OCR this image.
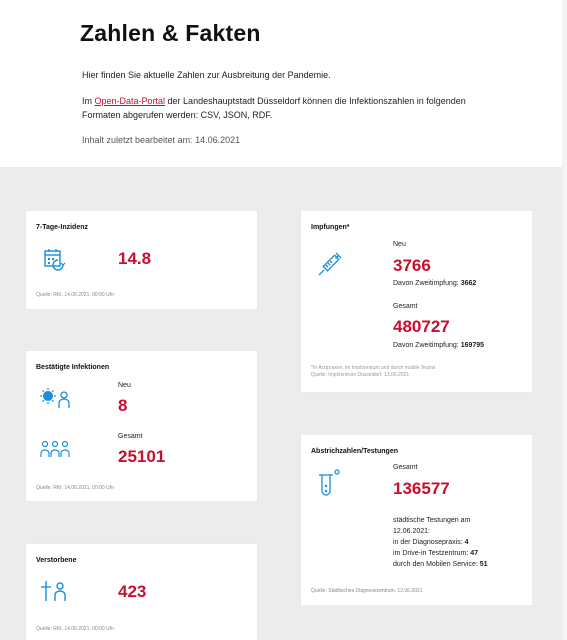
Zahlen & Fakten

Hier finden Sie aktuelle Zahlen zur Ausbreitung der Pandemie.

Im Open-Data-Portal der Landeshauptstadt Düsseldorf können die Infektionszahlen in folgenden Formaten abgerufen werden: CSV, JSON, RDF.

Inhalt zuletzt bearbeitet am: 14.06.2021

7-Tage-Inzidenz
14.8
Quelle: RKI, 14.06.2021, 00:00 Uhr
Bestätigte Infektionen
Neu
8
Gesamt
25101
Quelle: RKI, 14.06.2021, 00:00 Uhr
Verstorbene
423
Quelle: RKI, 14.06.2021, 00:00 Uhr
Impfungen*
Neu
3766
Davon Zweitimpfung: 3662
Gesamt
480727
Davon Zweitimpfung: 169795
*In Arztpraxen, im Impfzentrum und durch mobile Teams
Quelle: Impfzentrum Düsseldorf, 13.06.2021
Abstrichzahlen/Testungen
Gesamt
136577
städtische Testungen am
12.06.2021:
in der Diagnosepraxis: 4
im Drive-in Testzentrum: 47
durch den Mobilen Service: 51
Quelle: Städtisches Diagnosezentrum, 12.06.2021
